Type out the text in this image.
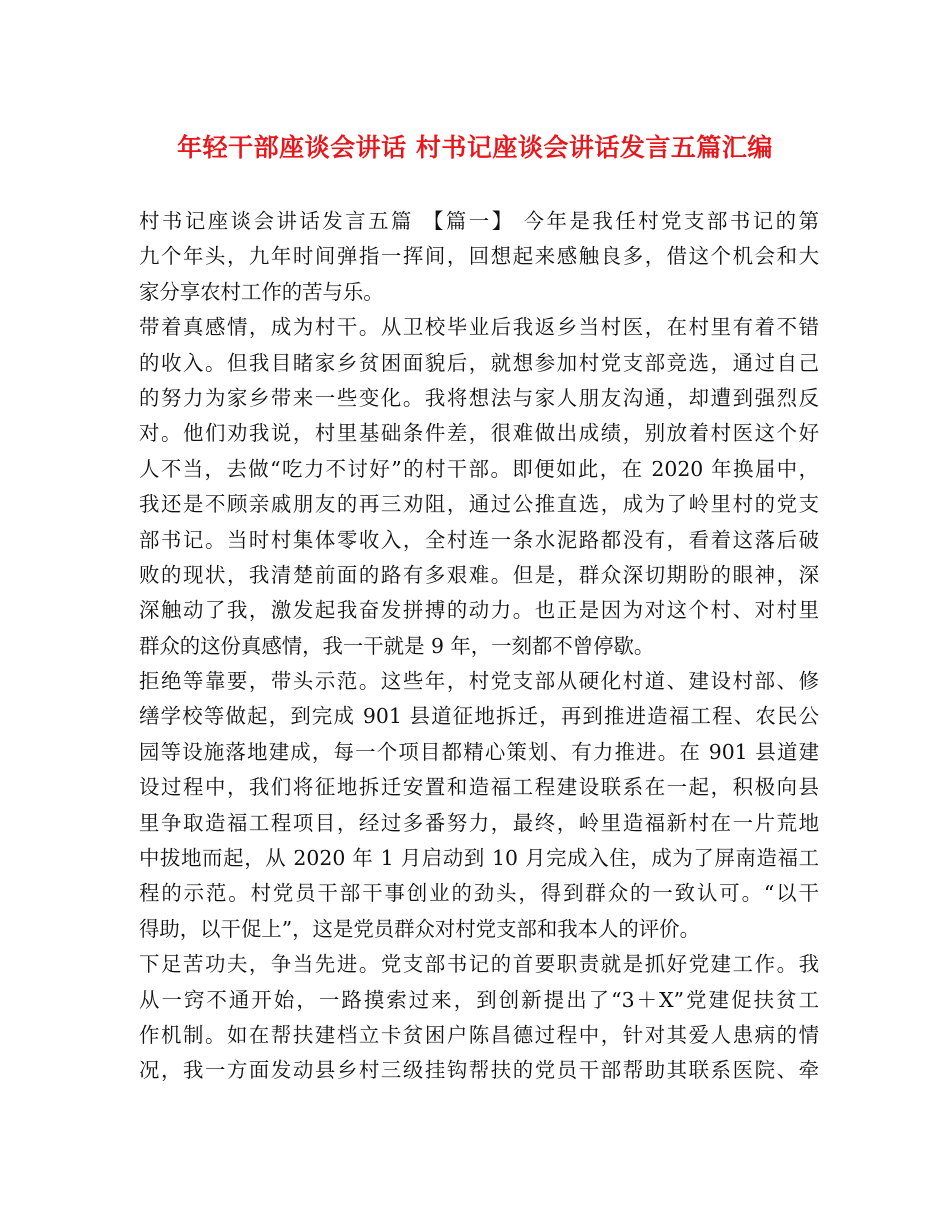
年轻干部座谈会讲话 村书记座谈会讲话发言五篇汇编
村书记座谈会讲话发言五篇 【篇一】 今年是我任村党支部书记的第
九个年头，九年时间弹指一挥间，回想起来感触良多，借这个机会和大
家分享农村工作的苦与乐。
带着真感情，成为村干。从卫校毕业后我返乡当村医，在村里有着不错
的收入。但我目睹家乡贫困面貌后，就想参加村党支部竞选，通过自己
的努力为家乡带来一些变化。我将想法与家人朋友沟通，却遭到强烈反
对。他们劝我说，村里基础条件差，很难做出成绩，别放着村医这个好
人不当，去做“吃力不讨好”的村干部。即便如此，在 2020 年换届中，
我还是不顾亲戚朋友的再三劝阻，通过公推直选，成为了岭里村的党支
部书记。当时村集体零收入，全村连一条水泥路都没有，看着这落后破
败的现状，我清楚前面的路有多艰难。但是，群众深切期盼的眼神，深
深触动了我，激发起我奋发拼搏的动力。也正是因为对这个村、对村里
群众的这份真感情，我一干就是 9 年，一刻都不曾停歇。
拒绝等靠要，带头示范。这些年，村党支部从硬化村道、建设村部、修
缮学校等做起，到完成 901 县道征地拆迁，再到推进造福工程、农民公
园等设施落地建成，每一个项目都精心策划、有力推进。在 901 县道建
设过程中，我们将征地拆迁安置和造福工程建设联系在一起，积极向县
里争取造福工程项目，经过多番努力，最终，岭里造福新村在一片荒地
中拔地而起，从 2020 年 1 月启动到 10 月完成入住，成为了屏南造福工
程的示范。村党员干部干事创业的劲头，得到群众的一致认可。“以干
得助，以干促上”，这是党员群众对村党支部和我本人的评价。
下足苦功夫，争当先进。党支部书记的首要职责就是抓好党建工作。我
从一窍不通开始，一路摸索过来，到创新提出了“3＋X”党建促扶贫工
作机制。如在帮扶建档立卡贫困户陈昌德过程中，针对其爱人患病的情
况，我一方面发动县乡村三级挂钩帮扶的党员干部帮助其联系医院、牵
